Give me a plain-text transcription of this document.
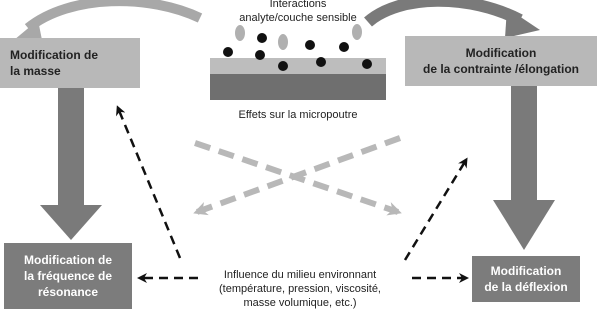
Modification de
la masse
Modification
de la contrainte /élongation
Modification de
la fréquence de
résonance
Modification
de la déflexion
Interactions
analyte/couche sensible
Effets sur la micropoutre
Influence du milieu environnant
(température, pression, viscosité,
masse volumique, etc.)
